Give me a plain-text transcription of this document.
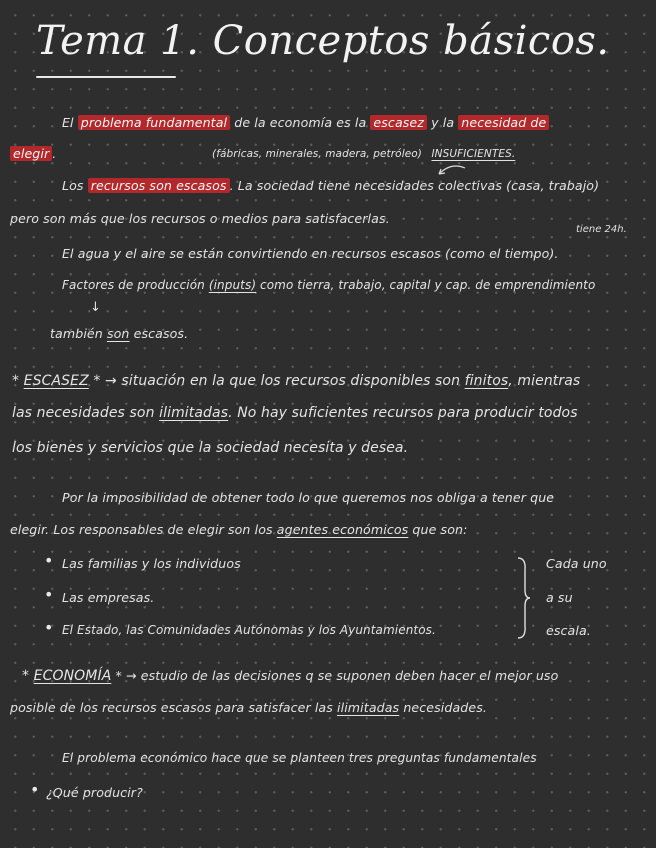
Tema 1. Conceptos básicos.
El problema fundamental de la economía es la escasez y la necesidad de
elegir .	(fábricas, minerales, madera, petróleo) INSUFICIENTES.
Los recursos son escasos . La sociedad tiene necesidades colectivas (casa, trabajo)
pero son más que los recursos o medios para satisfacerlas.
tiene 24h.
El agua y el aire se están convirtiendo en recursos escasos (como el tiempo).
Factores de producción (inputs) como tierra, trabajo, capital y cap. de emprendimiento
↓
también son escasos.
* ESCASEZ * → situación en la que los recursos disponibles son finitos, mientras
las necesidades son ilimitadas. No hay suficientes recursos para producir todos
los bienes y servicios que la sociedad necesita y desea.
Por la imposibilidad de obtener todo lo que queremos nos obliga a tener que
elegir. Los responsables de elegir son los agentes económicos que son:
• Las familias y los individuos
• Las empresas.
• El Estado, las Comunidades Autónomas y los Ayuntamientos.
Cada uno
a su
escala.
* ECONOMÍA * → estudio de las decisiones q se suponen deben hacer el mejor uso
posible de los recursos escasos para satisfacer las ilimitadas necesidades.
El problema económico hace que se planteen tres preguntas fundamentales
• ¿Qué producir?
